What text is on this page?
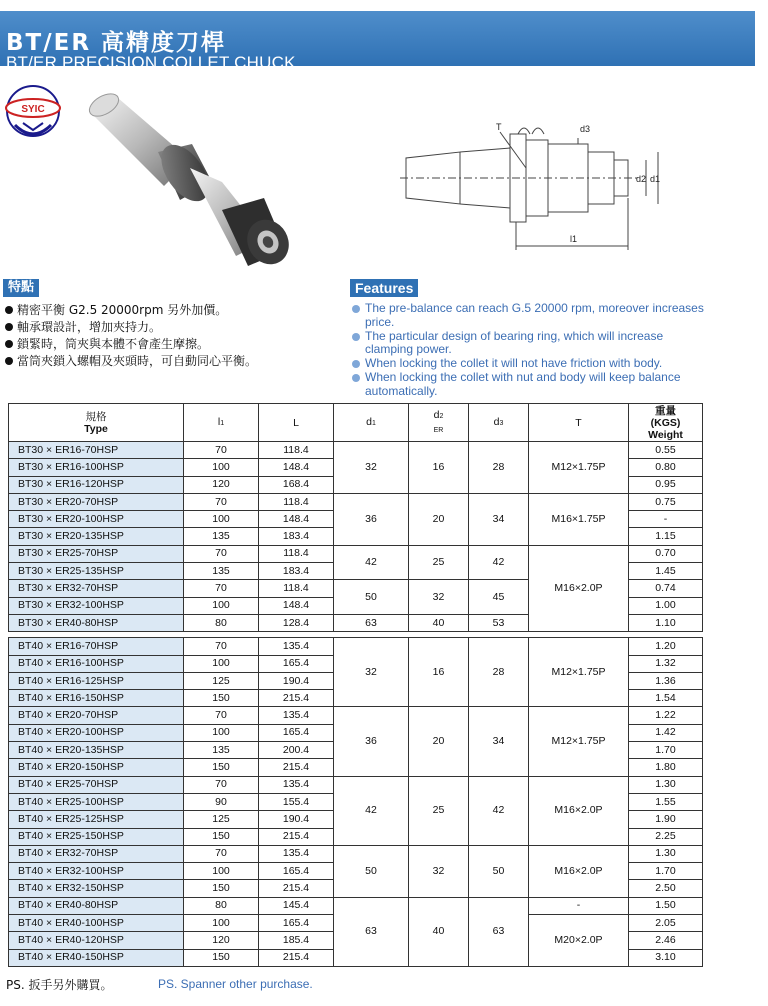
BT/ER 高精度刀桿
BT/ER PRECISION COLLET CHUCK
SYIC
T	d3
d2 d1
l1
特點
精密平衡 G2.5 20000rpm 另外加價。
軸承環設計，增加夾持力。
鎖緊時，筒夾與本體不會產生摩擦。
當筒夾鎖入螺帽及夾頭時，可自動同心平衡。
Features
The pre-balance can reach G.5 20000 rpm, moreover increases price.
The particular design of bearing ring, which will increase clamping power.
When locking the collet it will not have friction with body.
When locking the collet with nut and body will keep balance automatically.
規格
Type	l1	L	d1	d2
ER	d3	T	重量
(KGS)
Weight
BT30 × ER16-70HSP	70	118.4	32	16	28	M12×1.75P	0.55
BT30 × ER16-100HSP	100	148.4					0.80
BT30 × ER16-120HSP	120	168.4					0.95
BT30 × ER20-70HSP	70	118.4	36	20	34	M16×1.75P	0.75
BT30 × ER20-100HSP	100	148.4					-
BT30 × ER20-135HSP	135	183.4					1.15
BT30 × ER25-70HSP	70	118.4	42	25	42	M16×2.0P	0.70
BT30 × ER25-135HSP	135	183.4					1.45
BT30 × ER32-70HSP	70	118.4	50	32	45		0.74
BT30 × ER32-100HSP	100	148.4					1.00
BT30 × ER40-80HSP	80	128.4	63	40	53		1.10

BT40 × ER16-70HSP	70	135.4	32	16	28	M12×1.75P	1.20
BT40 × ER16-100HSP	100	165.4					1.32
BT40 × ER16-125HSP	125	190.4					1.36
BT40 × ER16-150HSP	150	215.4					1.54
BT40 × ER20-70HSP	70	135.4	36	20	34	M12×1.75P	1.22
BT40 × ER20-100HSP	100	165.4					1.42
BT40 × ER20-135HSP	135	200.4					1.70
BT40 × ER20-150HSP	150	215.4					1.80
BT40 × ER25-70HSP	70	135.4	42	25	42	M16×2.0P	1.30
BT40 × ER25-100HSP	90	155.4					1.55
BT40 × ER25-125HSP	125	190.4					1.90
BT40 × ER25-150HSP	150	215.4					2.25
BT40 × ER32-70HSP	70	135.4	50	32	50	M16×2.0P	1.30
BT40 × ER32-100HSP	100	165.4					1.70
BT40 × ER32-150HSP	150	215.4					2.50
BT40 × ER40-80HSP	80	145.4	63	40	63	-	1.50
BT40 × ER40-100HSP	100	165.4				M20×2.0P	2.05
BT40 × ER40-120HSP	120	185.4					2.46
BT40 × ER40-150HSP	150	215.4					3.10
PS. 扳手另外購買。	PS. Spanner other purchase.
